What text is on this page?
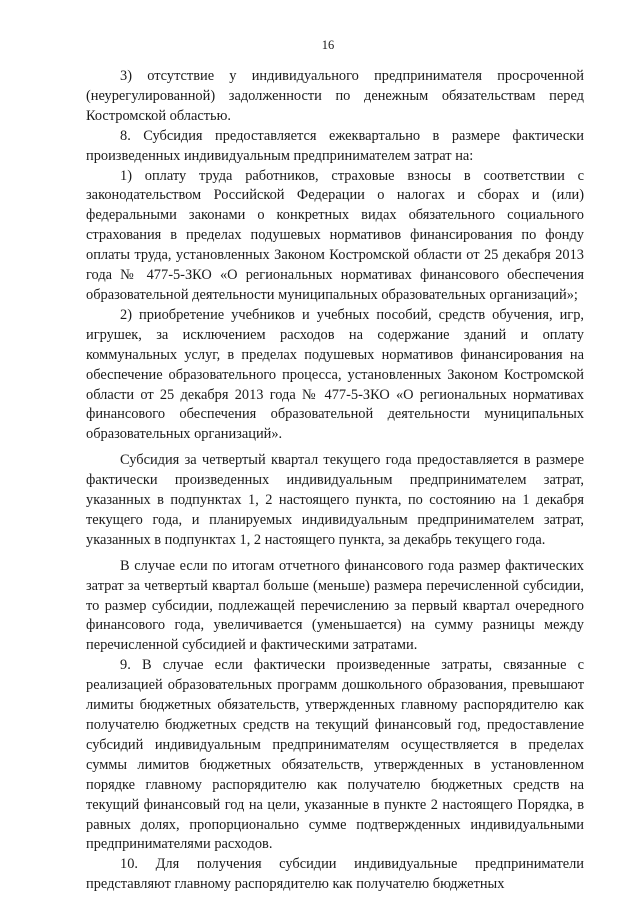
16

3) отсутствие у индивидуального предпринимателя просроченной (неурегулированной) задолженности по денежным обязательствам перед Костромской областью.

8. Субсидия предоставляется ежеквартально в размере фактически произведенных индивидуальным предпринимателем затрат на:

1) оплату труда работников, страховые взносы в соответствии с законодательством Российской Федерации о налогах и сборах и (или) федеральными законами о конкретных видах обязательного социального страхования в пределах подушевых нормативов финансирования по фонду оплаты труда, установленных Законом Костромской области от 25 декабря 2013 года № 477-5-ЗКО «О региональных нормативах финансового обеспечения образовательной деятельности муниципальных образовательных организаций»;

2) приобретение учебников и учебных пособий, средств обучения, игр, игрушек, за исключением расходов на содержание зданий и оплату коммунальных услуг, в пределах подушевых нормативов финансирования на обеспечение образовательного процесса, установленных Законом Костромской области от 25 декабря 2013 года № 477-5-ЗКО «О региональных нормативах финансового обеспечения образовательной деятельности муниципальных образовательных организаций».

Субсидия за четвертый квартал текущего года предоставляется в размере фактически произведенных индивидуальным предпринимателем затрат, указанных в подпунктах 1, 2 настоящего пункта, по состоянию на 1 декабря текущего года, и планируемых индивидуальным предпринимателем затрат, указанных в подпунктах 1, 2 настоящего пункта, за декабрь текущего года.

В случае если по итогам отчетного финансового года размер фактических затрат за четвертый квартал больше (меньше) размера перечисленной субсидии, то размер субсидии, подлежащей перечислению за первый квартал очередного финансового года, увеличивается (уменьшается) на сумму разницы между перечисленной субсидией и фактическими затратами.

9. В случае если фактически произведенные затраты, связанные с реализацией образовательных программ дошкольного образования, превышают лимиты бюджетных обязательств, утвержденных главному распорядителю как получателю бюджетных средств на текущий финансовый год, предоставление субсидий индивидуальным предпринимателям осуществляется в пределах суммы лимитов бюджетных обязательств, утвержденных в установленном порядке главному распорядителю как получателю бюджетных средств на текущий финансовый год на цели, указанные в пункте 2 настоящего Порядка, в равных долях, пропорционально сумме подтвержденных индивидуальными предпринимателями расходов.

10. Для получения субсидии индивидуальные предприниматели представляют главному распорядителю как получателю бюджетных
